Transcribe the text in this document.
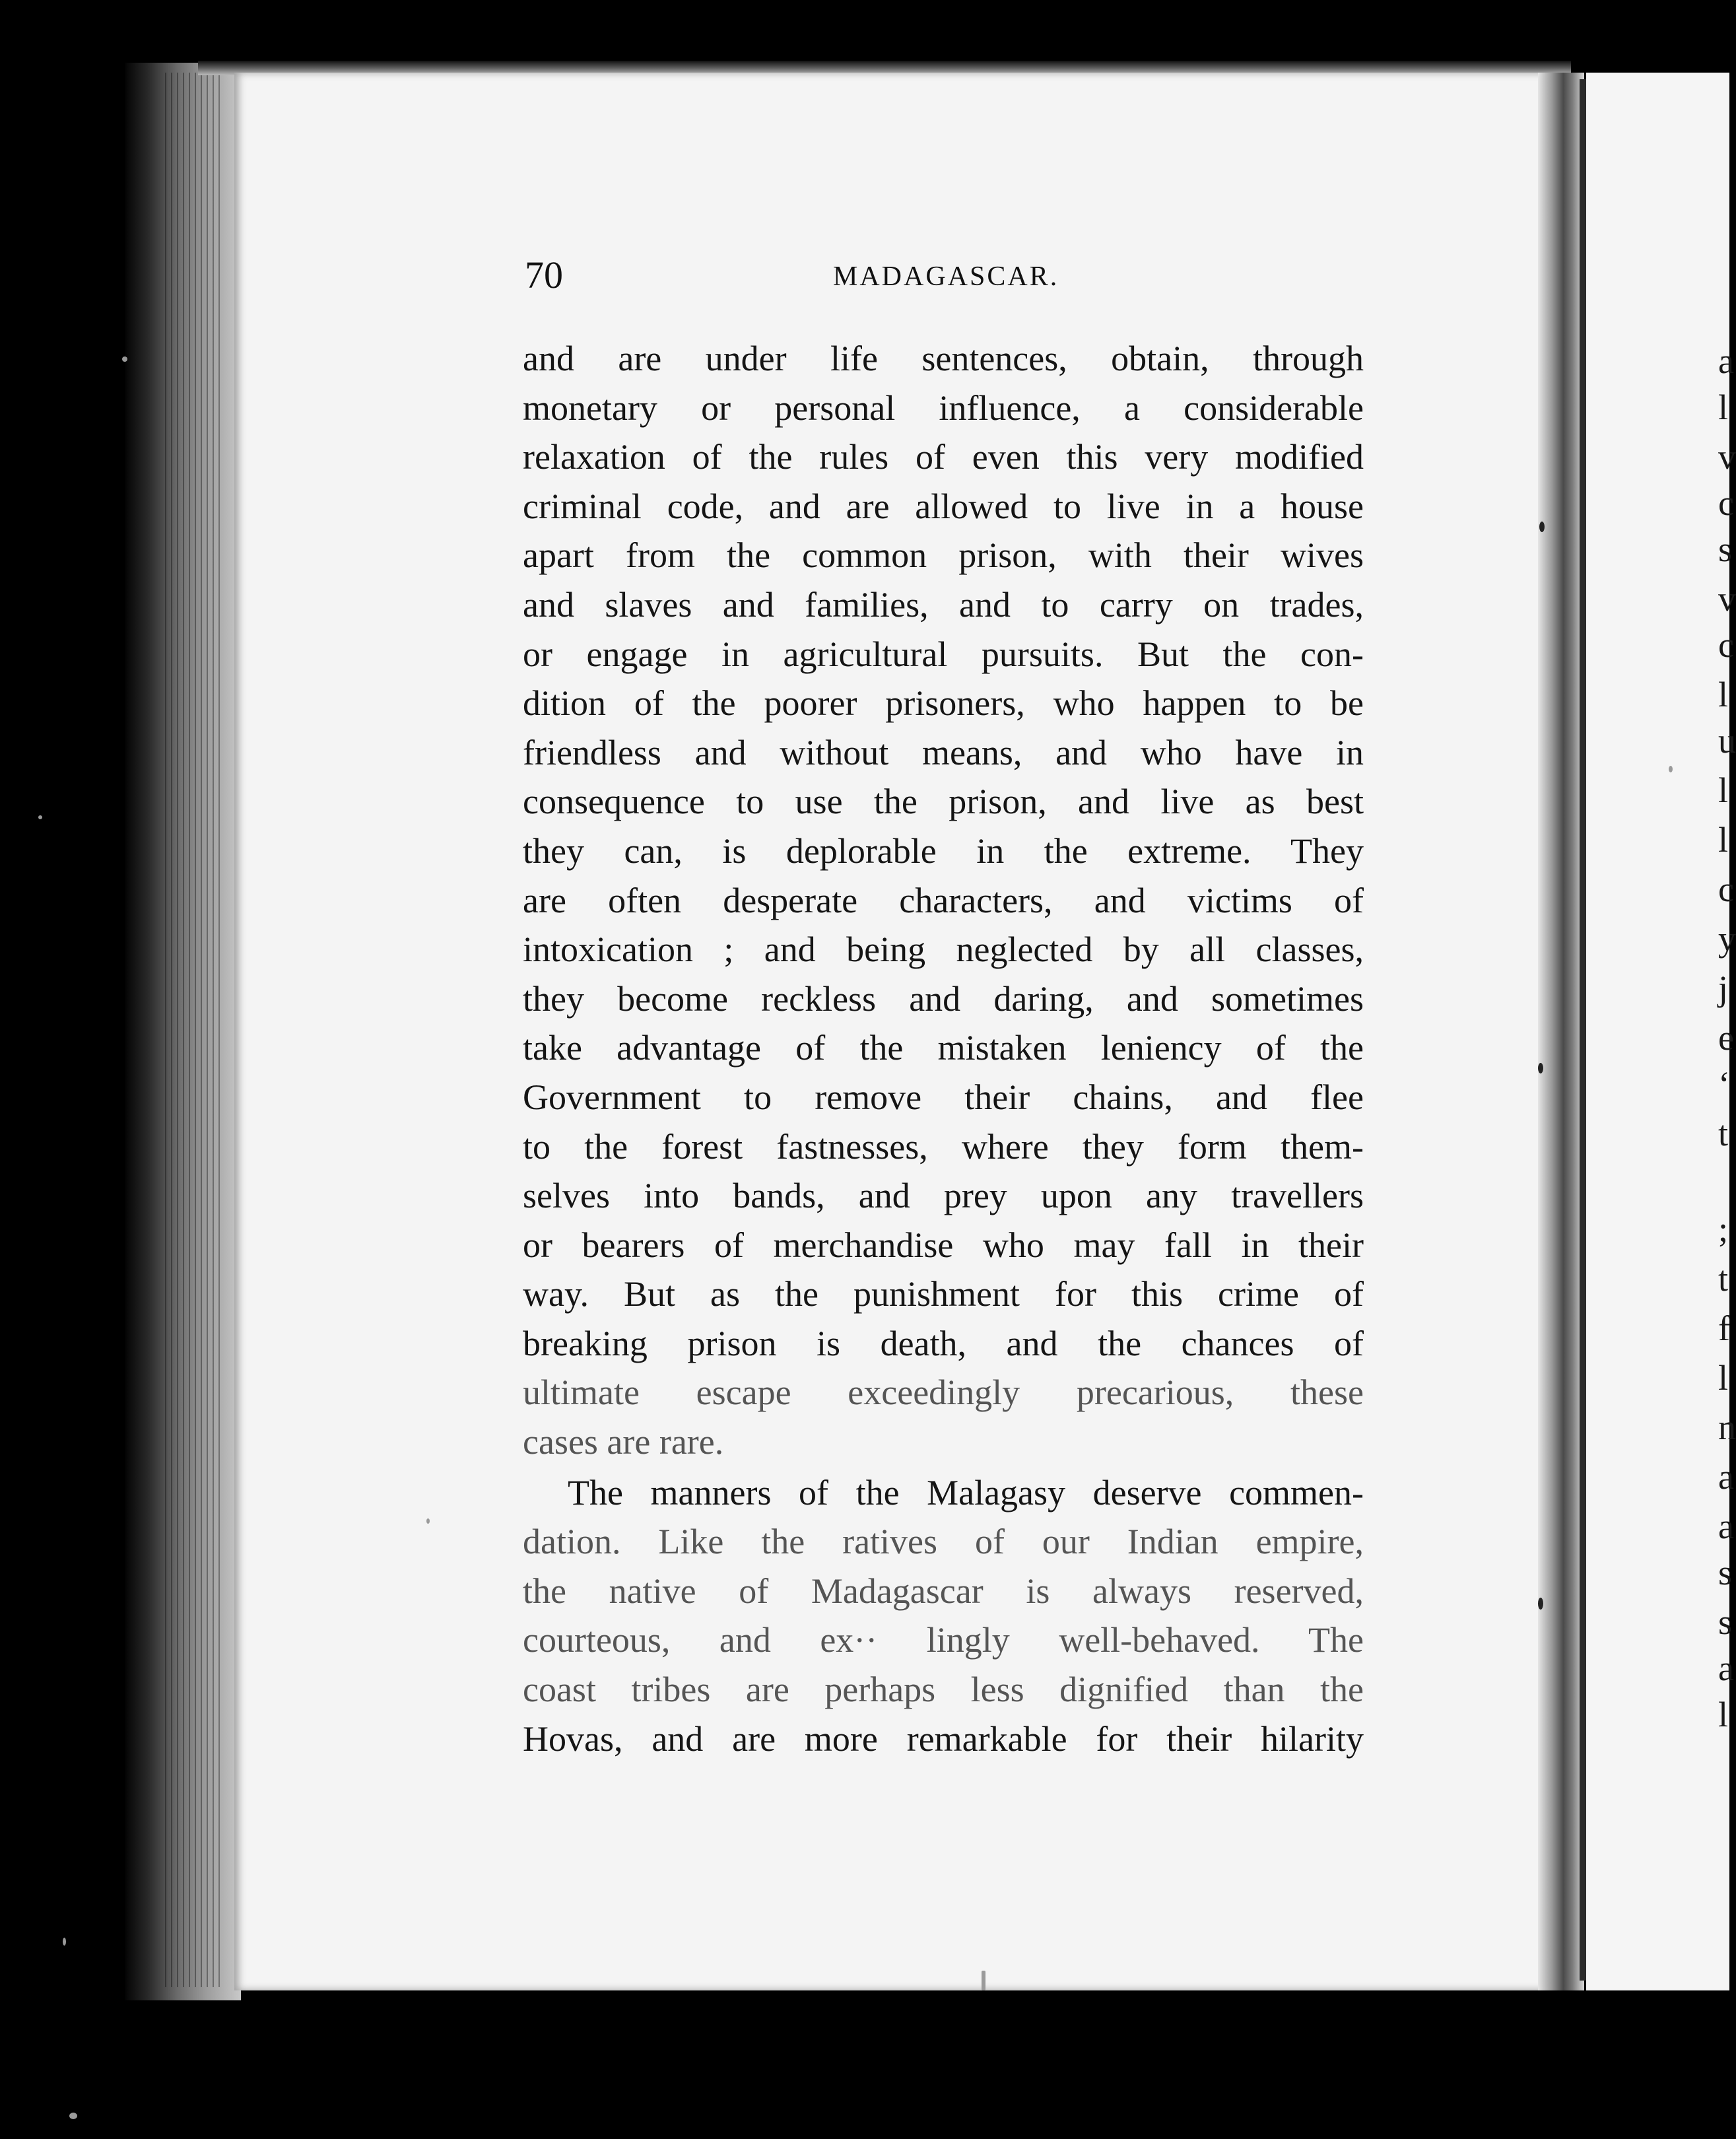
70	MADAGASCAR.
and are under life sentences, obtain, through
monetary or personal influence, a considerable
relaxation of the rules of even this very modified
criminal code, and are allowed to live in a house
apart from the common prison, with their wives
and slaves and families, and to carry on trades,
or engage in agricultural pursuits. But the con-
dition of the poorer prisoners, who happen to be
friendless and without means, and who have in
consequence to use the prison, and live as best
they can, is deplorable in the extreme. They
are often desperate characters, and victims of
intoxication ; and being neglected by all classes,
they become reckless and daring, and sometimes
take advantage of the mistaken leniency of the
Government to remove their chains, and flee
to the forest fastnesses, where they form them-
selves into bands, and prey upon any travellers
or bearers of merchandise who may fall in their
way. But as the punishment for this crime of
breaking prison is death, and the chances of
ultimate escape exceedingly precarious, these
cases are rare.
The manners of the Malagasy deserve commen-
dation. Like the ratives of our Indian empire,
the native of Madagascar is always reserved,
courteous, and ex·· lingly well-behaved. The
coast tribes are perhaps less dignified than the
Hovas, and are more remarkable for their hilarity
a
l
v
c
s
v
c
l
u
l
l
c
y
j
e
‘
t
;
t
f
l
n
a
a
s
s
a
l
